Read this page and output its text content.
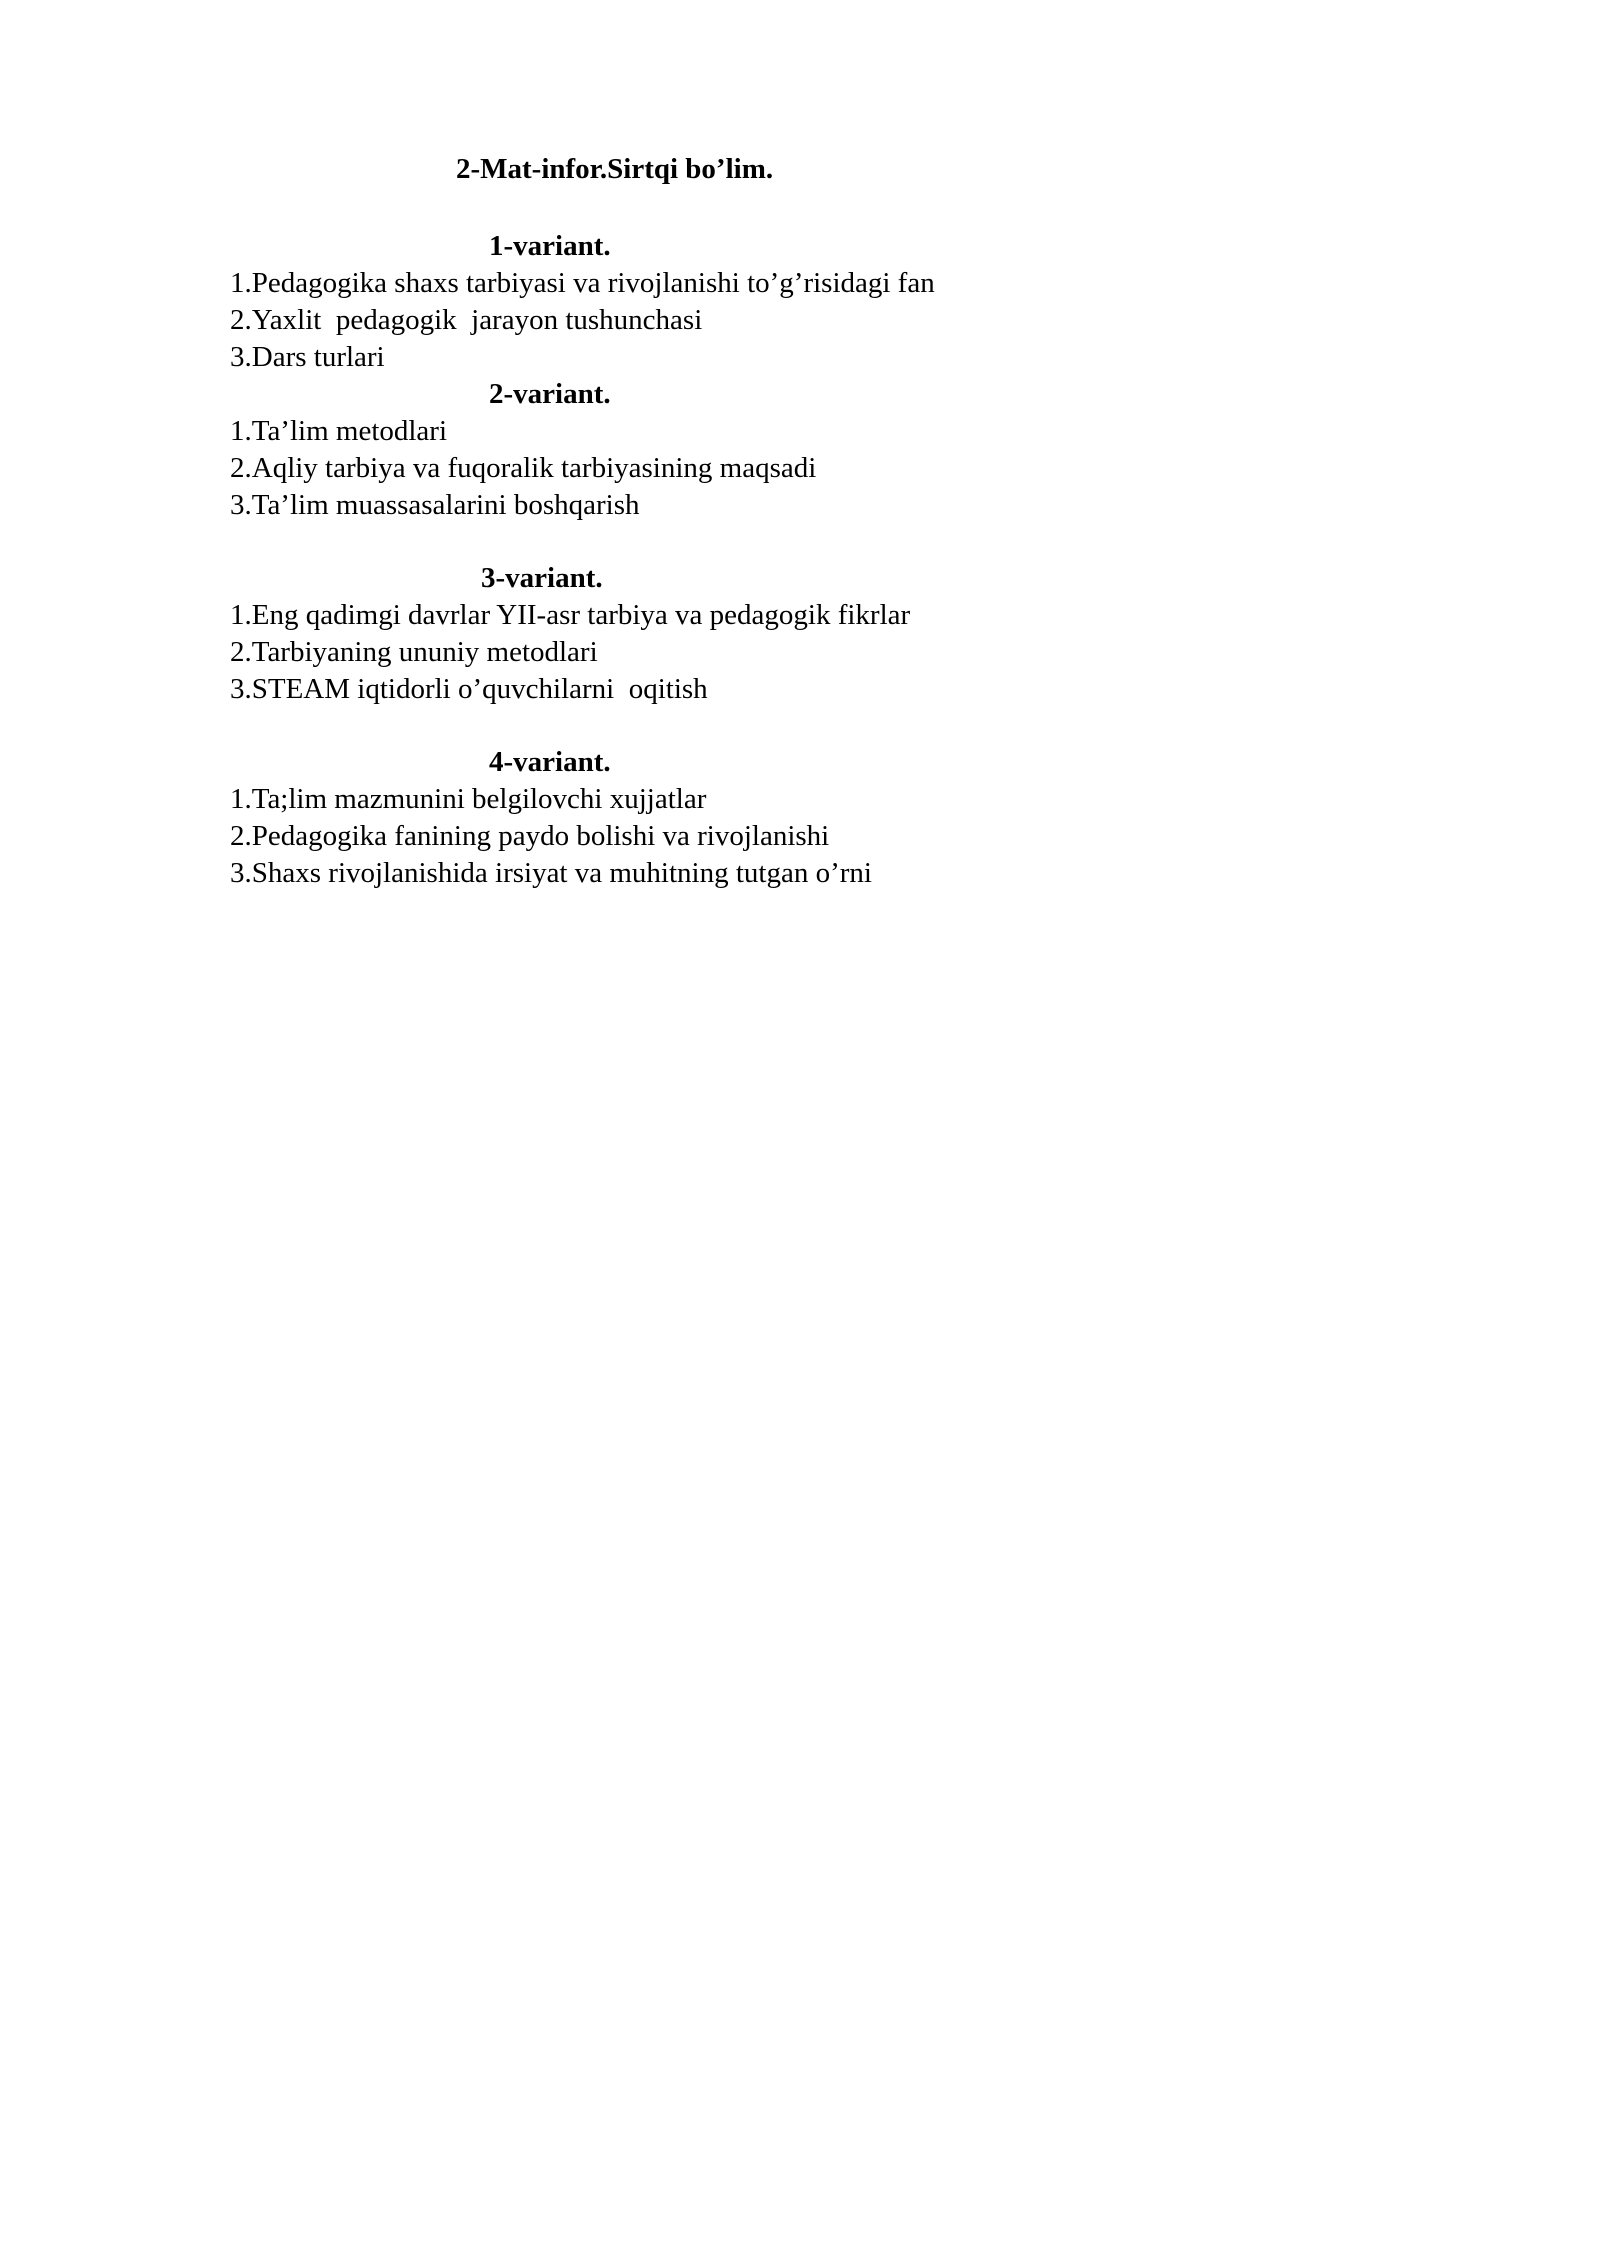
2-Mat-infor.Sirtqi bo’lim.
1-variant.
1.Pedagogika shaxs tarbiyasi va rivojlanishi to’g’risidagi fan
2.Yaxlit  pedagogik  jarayon tushunchasi
3.Dars turlari
2-variant.
1.Ta’lim metodlari
2.Aqliy tarbiya va fuqoralik tarbiyasining maqsadi
3.Ta’lim muassasalarini boshqarish
3-variant.
1.Eng qadimgi davrlar YII-asr tarbiya va pedagogik fikrlar
2.Tarbiyaning ununiy metodlari
3.STEAM iqtidorli o’quvchilarni  oqitish
4-variant.
1.Ta;lim mazmunini belgilovchi xujjatlar
2.Pedagogika fanining paydo bolishi va rivojlanishi
3.Shaxs rivojlanishida irsiyat va muhitning tutgan o’rni
